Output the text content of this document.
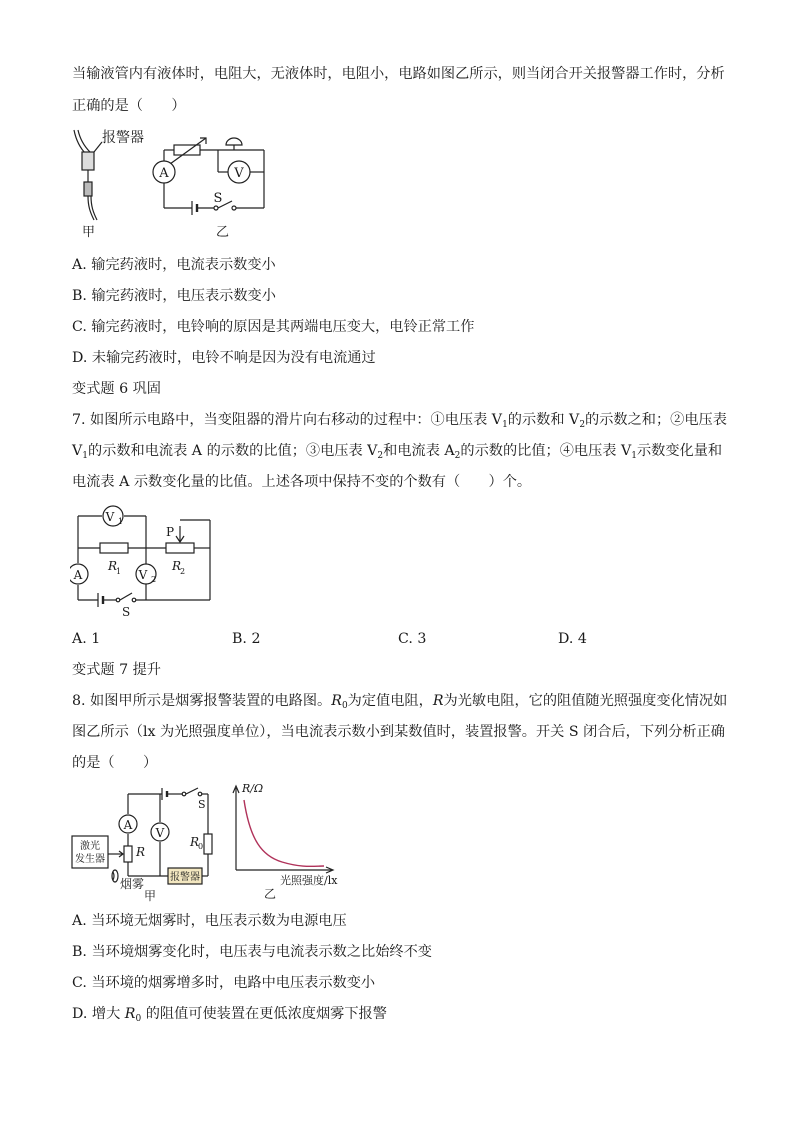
当输液管内有液体时，电阻大，无液体时，电阻小，电路如图乙所示，则当闭合开关报警器工作时，分析
正确的是（　　）
报警器
甲
A	V
S
乙
A. 输完药液时，电流表示数变小
B. 输完药液时，电压表示数变小
C. 输完药液时，电铃响的原因是其两端电压变大，电铃正常工作
D. 未输完药液时，电铃不响是因为没有电流通过
变式题 6 巩固
7. 如图所示电路中，当变阻器的滑片向右移动的过程中：①电压表 $V_1$的示数和 $V_2$的示数之和；②电压表
$V_1$的示数和电流表 A 的示数的比值；③电压表 $V_2$和电流表 $A_2$的示数的比值；④电压表 $V_1$示数变化量和
电流表 A 示数变化量的比值。上述各项中保持不变的个数有（　　）个。
V 1
A	V 2
P
R
1	R
2
S
A. 1	B. 2	C. 3	D. 4
变式题 7 提升
8. 如图甲所示是烟雾报警装置的电路图。$R_0$为定值电阻，R为光敏电阻，它的阻值随光照强度变化情况如
图乙所示（lx 为光照强度单位），当电流表示数小到某数值时，装置报警。开关 S 闭合后，下列分析正确
的是（　　）
激光
发生器
A
V
R
R
0
S
报警器
烟雾
甲
R/Ω
光照强度/lx
乙
A. 当环境无烟雾时，电压表示数为电源电压
B. 当环境烟雾变化时，电压表与电流表示数之比始终不变
C. 当环境的烟雾增多时，电路中电压表示数变小
D. 增大 $R_0$ 的阻值可使装置在更低浓度烟雾下报警
